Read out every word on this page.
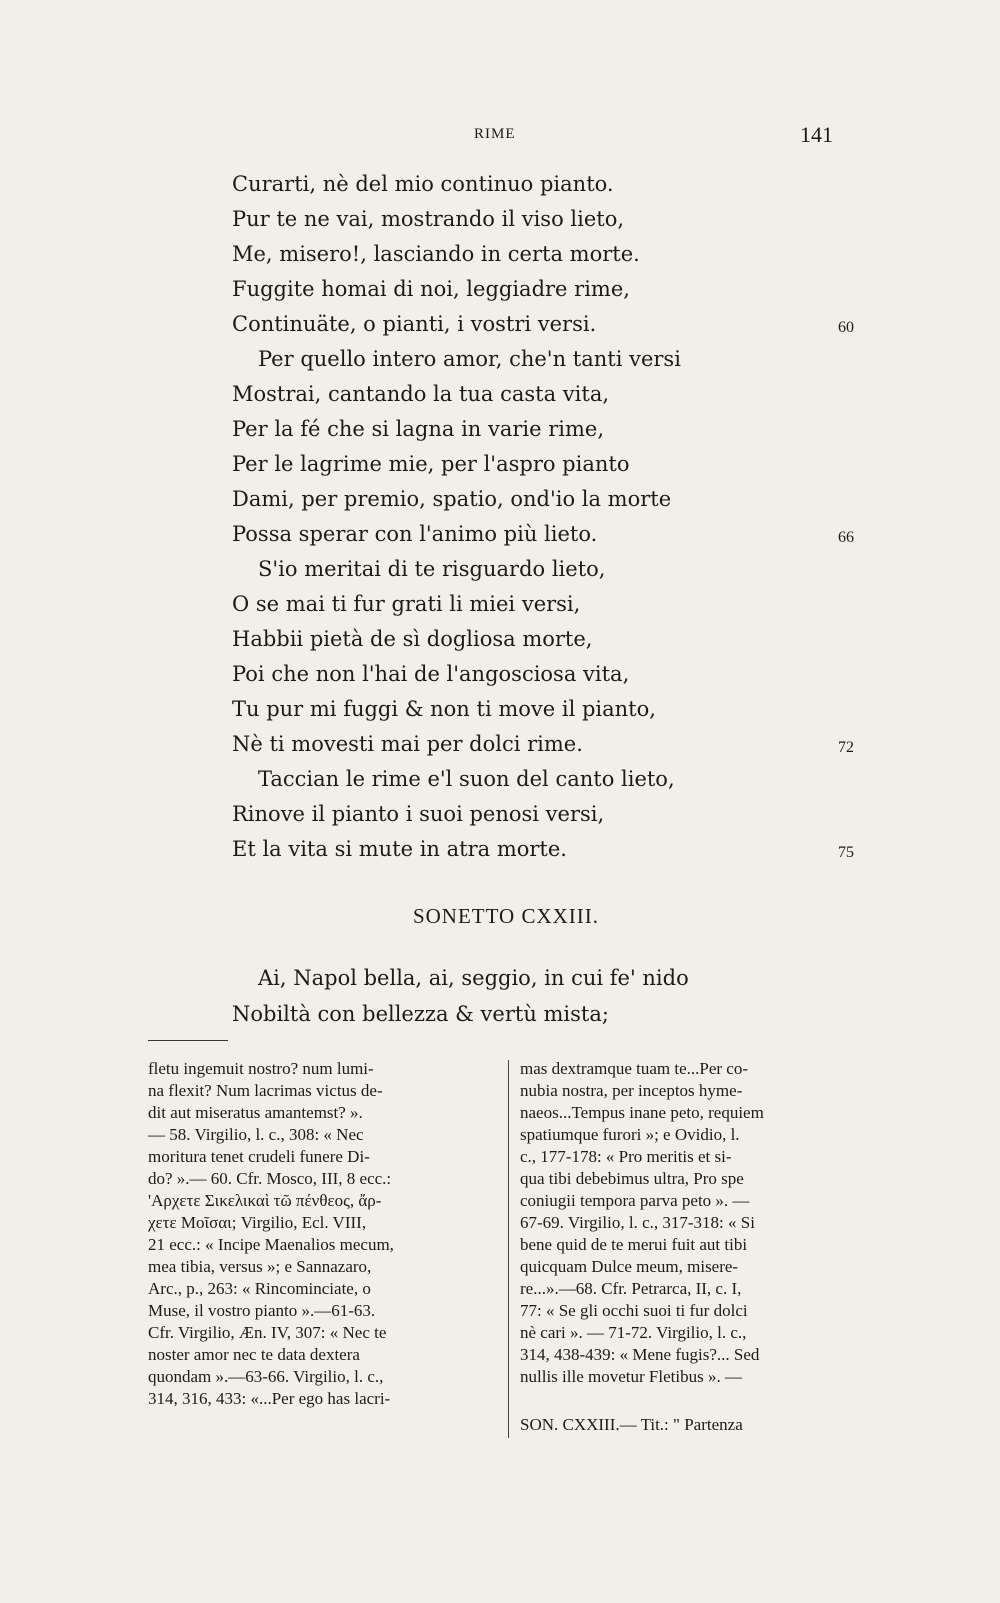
RIME	141
Curarti, nè del mio continuo pianto.
Pur te ne vai, mostrando il viso lieto,
Me, misero!, lasciando in certa morte.
Fuggite homai di noi, leggiadre rime,
Continuäte, o pianti, i vostri versi.
Per quello intero amor, che'n tanti versi
Mostrai, cantando la tua casta vita,
Per la fé che si lagna in varie rime,
Per le lagrime mie, per l'aspro pianto
Dami, per premio, spatio, ond'io la morte
Possa sperar con l'animo più lieto.
S'io meritai di te risguardo lieto,
O se mai ti fur grati li miei versi,
Habbii pietà de sì dogliosa morte,
Poi che non l'hai de l'angosciosa vita,
Tu pur mi fuggi & non ti move il pianto,
Nè ti movesti mai per dolci rime.
Taccian le rime e'l suon del canto lieto,
Rinove il pianto i suoi penosi versi,
Et la vita si mute in atra morte.
60
66
72
75
SONETTO CXXIII.
Ai, Napol bella, ai, seggio, in cui fe' nido
Nobiltà con bellezza & vertù mista;
fletu ingemuit nostro? num lumi-
na flexit? Num lacrimas victus de-
dit aut miseratus amantemst? ».
— 58. Virgilio, l. c., 308: « Nec
moritura tenet crudeli funere Di-
do? ».— 60. Cfr. Mosco, III, 8 ecc.:
'Αρχετε Σικελικαὶ τῶ πένθεος, ἄρ-
χετε Μοῖσαι; Virgilio, Ecl. VIII,
21 ecc.: « Incipe Maenalios mecum,
mea tibia, versus »; e Sannazaro,
Arc., p., 263: « Rincominciate, o
Muse, il vostro pianto ».—61-63.
Cfr. Virgilio, Æn. IV, 307: « Nec te
noster amor nec te data dextera
quondam ».—63-66. Virgilio, l. c.,
314, 316, 433: «...Per ego has lacri-
mas dextramque tuam te...Per co-
nubia nostra, per inceptos hyme-
naeos...Tempus inane peto, requiem
spatiumque furori »; e Ovidio, l.
c., 177-178: « Pro meritis et si-
qua tibi debebimus ultra, Pro spe
coniugii tempora parva peto ». —
67-69. Virgilio, l. c., 317-318: « Si
bene quid de te merui fuit aut tibi
quicquam Dulce meum, misere-
re...».—68. Cfr. Petrarca, II, c. I,
77: « Se gli occhi suoi ti fur dolci
nè cari ». — 71-72. Virgilio, l. c.,
314, 438-439: « Mene fugis?... Sed
nullis ille movetur Fletibus ». —
SON. CXXIII.— Tit.: " Partenza
